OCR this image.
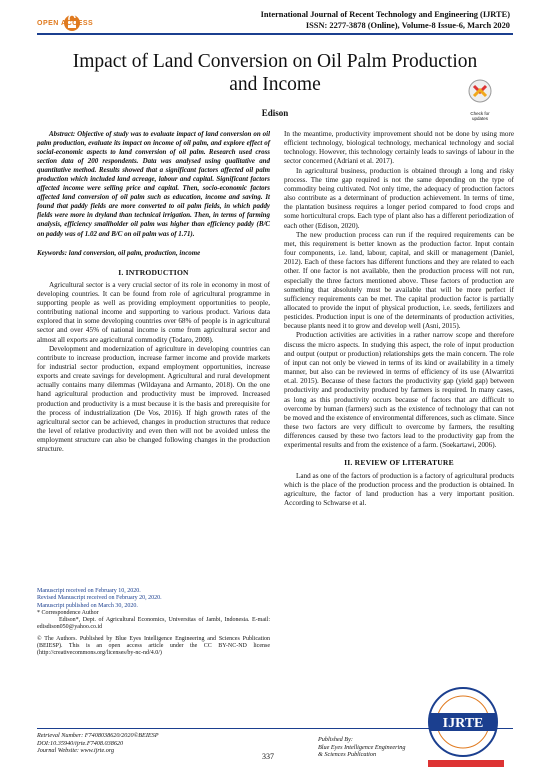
OPEN ACCESS
International Journal of Recent Technology and Engineering (IJRTE)
ISSN: 2277-3878 (Online), Volume-8 Issue-6, March 2020
Impact of Land Conversion on Oil Palm Production
and Income
Check for updates
Edison
Abstract: Objective of study was to evaluate impact of land conversion on oil palm production, evaluate its impact on income of oil palm, and explore effect of social-economic aspects to land conversion of oil palm. Research used cross section data of 200 respondents. Data was analysed using qualitative and quantitative method. Results showed that a significant factors affected oil palm production which included land acreage, labour and capital. Significant factors affected income were selling price and capital. Then, socio-economic factors affected land conversion of oil palm such as education, income and saving. It found that paddy fields are more converted to oil palm fields, in which paddy fields were more in dryland than technical irrigation. Then, in terms of farming analysis, efficiency smallholder oil palm was higher than efficiency paddy (B/C on paddy was of 1.02 and B/C on oil palm was of 1.71).
Keywords: land conversion, oil palm, production, income
I. INTRODUCTION

Agricultural sector is a very crucial sector of its role in economy in most of developing countries. It can be found from role of agricultural programme in supporting people as well as providing employment opportunities to people, contributing national income and supporting to various product. Various data explored that in some developing countries over 68% of people is in agricultural sector and over 45% of national income is come from agricultural sector and almost all exports are agricultural commodity (Todaro, 2008).

Development and modernization of agriculture in developing countries can contribute to increase production, increase farmer income and provide markets for industrial sector production, expand employment opportunities, increase exports and create savings for development. Agricultural and rural development actually contains many dilemmas (Wildayana and Armanto, 2018). On the one hand agricultural production and productivity must be improved. Increased production and productivity is a must because it is the basis and prerequisite for the process of industrialization (De Vos, 2016). If high growth rates of the agricultural sector can be achieved, changes in production structures that reduce the level of relative productivity and even then will not be avoided unless the employment structure can also be changed following changes in the production structure.

Manuscript received on February 10, 2020.
Revised Manuscript received on February 20, 2020.
Manuscript published on March 30, 2020.
* Correspondence Author
Edison*, Dept. of Agricultural Economics, Universitas of Jambi, Indonesia. E-mail: edisdison050@yahoo.co.id
© The Authors. Published by Blue Eyes Intelligence Engineering and Sciences Publication (BEIESP). This is an open access article under the CC BY-NC-ND license (http://creativecommons.org/licenses/by-nc-nd/4.0/)
In the meantime, productivity improvement should not be done by using more efficient technology, biological technology, mechanical technology and social technology. However, this technology certainly leads to savings of labour in the sector concerned (Adriani et al. 2017).

In agricultural business, production is obtained through a long and risky process. The time gap required is not the same depending on the type of commodity being cultivated. Not only time, the adequacy of production factors also contribute as a determinant of production achievement. In terms of time, the plantation business requires a longer period compared to food crops and some horticultural crops. Each type of plant also has a different periodization of each other (Edison, 2020).

The new production process can run if the required requirements can be met, this requirement is better known as the production factor. Input contain four components, i.e. land, labour, capital, and skill or management (Daniel, 2012). Each of these factors has different functions and they are related to each other. If one factor is not available, then the production process will not run, especially the three factors mentioned above. These factors of production are something that absolutely must be available that will be more perfect if sufficiency requirements can be met. The capital production factor is partially allocated to provide the input of physical production, i.e. seeds, fertilizers and pesticides. Production input is one of the determinants of production activities, because plants need it to grow and develop well (Asni, 2015).

Production activities are activities in a rather narrow scope and therefore discuss the micro aspects. In studying this aspect, the role of input production and output (output or production) relationships gets the main concern. The role of input can not only be viewed in terms of its kind or availability in a timely manner, but also can be reviewed in terms of efficiency of its use (Alwarritzi et.al. 2015). Because of these factors the productivity gap (yield gap) between productivity and productivity produced by farmers is required. In many cases, as long as this productivity occurs because of factors that are difficult to overcome by human (farmers) such as the existence of technology that can not be moved and the existence of environmental differences, such as climate. Since these two factors are very difficult to overcome by farmers, the resulting differences caused by these two factors lead to the productivity gap from the experimental results and from the existence of a farm. (Soekartawi, 2006).

II. REVIEW OF LITERATURE

Land as one of the factors of production is a factory of agricultural products which is the place of the production process and the production is obtained. In agriculture, the factor of land production has a very important position. According to Schwarse et al.

Retrieval Number: F7408038620/2020©BEIESP
DOI:10.35940/ijrte.F7408.038620
Journal Website: www.ijrte.org
337
Published By:
Blue Eyes Intelligence Engineering
& Sciences Publication
IJRTE
